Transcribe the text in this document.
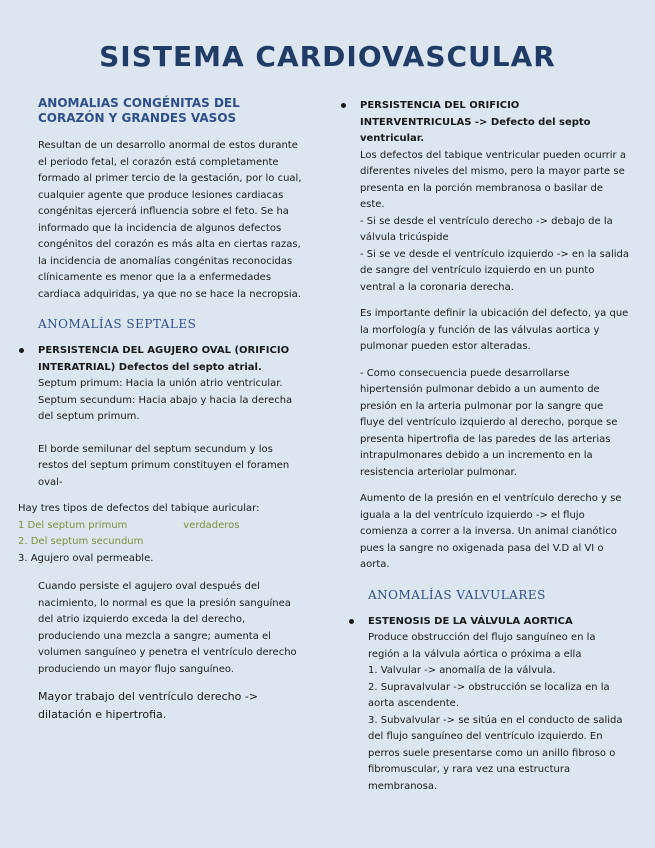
SISTEMA CARDIOVASCULAR
ANOMALIAS CONGÉNITAS DEL CORAZÓN Y GRANDES VASOS

Resultan de un desarrollo anormal de estos durante el periodo fetal, el corazón está completamente formado al primer tercio de la gestación, por lo cual, cualquier agente que produce lesiones cardiacas congénitas ejercerá influencia sobre el feto. Se ha informado que la incidencia de algunos defectos congénitos del corazón es más alta en ciertas razas, la incidencia de anomalías congénitas reconocidas clínicamente es menor que la a enfermedades cardiaca adquiridas, ya que no se hace la necropsia.

ANOMALÍAS SEPTALES

PERSISTENCIA DEL AGUJERO OVAL (ORIFICIO INTERATRIAL) Defectos del septo atrial.

Septum primum: Hacia la unión atrio ventricular.

Septum secundum: Hacia abajo y hacia la derecha del septum primum.

El borde semilunar del septum secundum y los restos del septum primum constituyen el foramen oval-

Hay tres tipos de defectos del tabique auricular:

1 Del septum primum	verdaderos

2. Del septum secundum

3. Agujero oval permeable.

Cuando persiste el agujero oval después del nacimiento, lo normal es que la presión sanguínea del atrio izquierdo exceda la del derecho, produciendo una mezcla a sangre; aumenta el volumen sanguíneo y penetra el ventrículo derecho produciendo un mayor flujo sanguíneo.

Mayor trabajo del ventrículo derecho -> dilatación e hipertrofia.

PERSISTENCIA DEL ORIFICIO INTERVENTRICULAS -> Defecto del septo ventricular.

Los defectos del tabique ventricular pueden ocurrir a diferentes niveles del mismo, pero la mayor parte se presenta en la porción membranosa o basilar de este.

- Si se desde el ventrículo derecho -> debajo de la válvula tricúspide

- Si se ve desde el ventrículo izquierdo -> en la salida de sangre del ventrículo izquierdo en un punto ventral a la coronaria derecha.

Es importante definir la ubicación del defecto, ya que la morfología y función de las válvulas aortica y pulmonar pueden estor alteradas.

- Como consecuencia puede desarrollarse hipertensión pulmonar debido a un aumento de presión en la arteria pulmonar por la sangre que fluye del ventrículo izquierdo al derecho, porque se presenta hipertrofia de las paredes de las arterias intrapulmonares debido a un incremento en la resistencia arteriolar pulmonar.

Aumento de la presión en el ventrículo derecho y se iguala a la del ventrículo izquierdo -> el flujo comienza a correr a la inversa. Un animal cianótico pues la sangre no oxigenada pasa del V.D al VI o aorta.

ANOMALÍAS VALVULARES

ESTENOSIS DE LA VÁLVULA AORTICA

Produce obstrucción del flujo sanguíneo en la región a la válvula aórtica o próxima a ella

1. Valvular -> anomalía de la válvula.

2. Supravalvular -> obstrucción se localiza en la aorta ascendente.

3. Subvalvular -> se sitúa en el conducto de salida del flujo sanguíneo del ventrículo izquierdo. En perros suele presentarse como un anillo fibroso o fibromuscular, y rara vez una estructura membranosa.
